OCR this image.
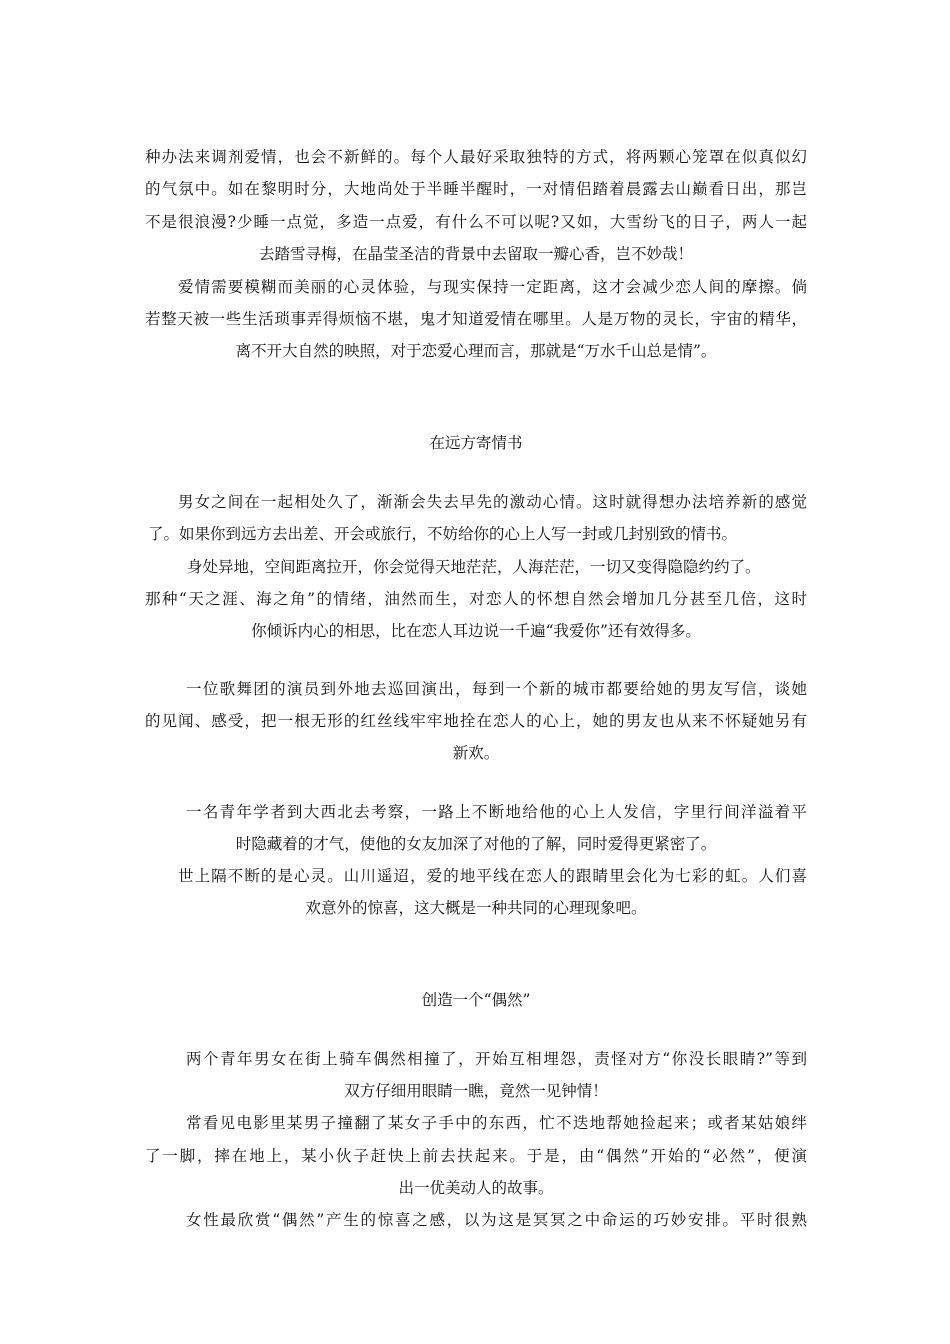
种办法来调剂爱情，也会不新鲜的。每个人最好采取独特的方式，将两颗心笼罩在似真似幻
的气氛中。如在黎明时分，大地尚处于半睡半醒时，一对情侣踏着晨露去山巅看日出，那岂
不是很浪漫?少睡一点觉，多造一点爱，有什么不可以呢?又如，大雪纷飞的日子，两人一起
去踏雪寻梅，在晶莹圣洁的背景中去留取一瓣心香，岂不妙哉！
爱情需要模糊而美丽的心灵体验，与现实保持一定距离，这才会减少恋人间的摩擦。倘
若整天被一些生活琐事弄得烦恼不堪，鬼才知道爱情在哪里。人是万物的灵长，宇宙的精华，
离不开大自然的映照，对于恋爱心理而言，那就是“万水千山总是情”。
在远方寄情书
男女之间在一起相处久了，渐渐会失去早先的激动心情。这时就得想办法培养新的感觉
了。如果你到远方去出差、开会或旅行，不妨给你的心上人写一封或几封别致的情书。
身处异地，空间距离拉开，你会觉得天地茫茫，人海茫茫，一切又变得隐隐约约了。
那种“天之涯、海之角”的情绪，油然而生，对恋人的怀想自然会增加几分甚至几倍，这时
你倾诉内心的相思，比在恋人耳边说一千遍“我爱你”还有效得多。
一位歌舞团的演员到外地去巡回演出，每到一个新的城市都要给她的男友写信，谈她
的见闻、感受，把一根无形的红丝线牢牢地拴在恋人的心上，她的男友也从来不怀疑她另有
新欢。
一名青年学者到大西北去考察，一路上不断地给他的心上人发信，字里行间洋溢着平
时隐藏着的才气，使他的女友加深了对他的了解，同时爱得更紧密了。
世上隔不断的是心灵。山川遥迢，爱的地平线在恋人的跟睛里会化为七彩的虹。人们喜
欢意外的惊喜，这大概是一种共同的心理现象吧。
创造一个“偶然”
两个青年男女在街上骑车偶然相撞了，开始互相埋怨，责怪对方“你没长眼睛?”等到
双方仔细用眼睛一瞧，竟然一见钟情！
常看见电影里某男子撞翻了某女子手中的东西，忙不迭地帮她捡起来；或者某姑娘绊
了一脚，摔在地上，某小伙子赶快上前去扶起来。于是，由“偶然”开始的“必然”，便演
出一优美动人的故事。
女性最欣赏“偶然”产生的惊喜之感，以为这是冥冥之中命运的巧妙安排。平时很熟
